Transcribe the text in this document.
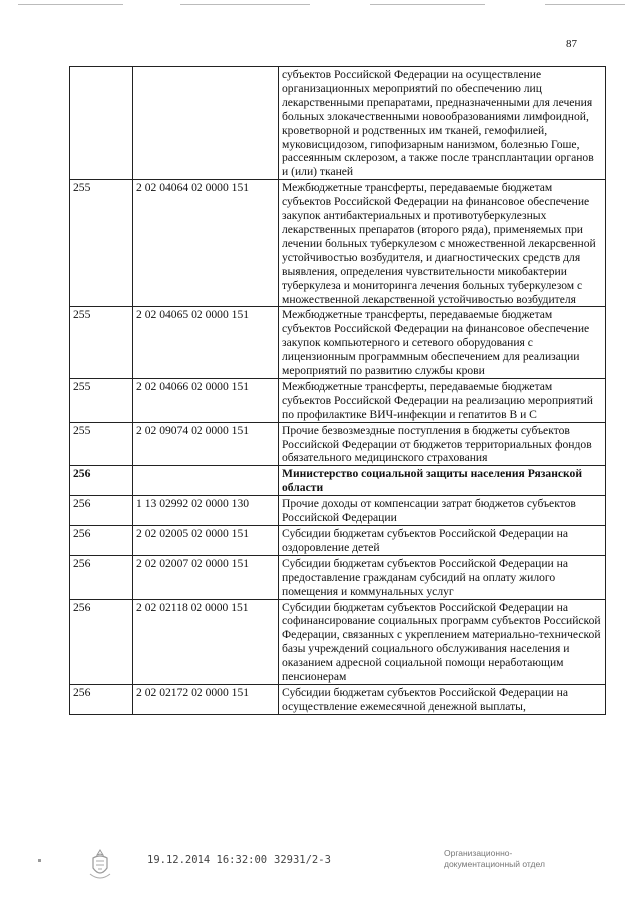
87
		субъектов Российской Федерации на осуществление организационных мероприятий по обеспечению лиц лекарственными препаратами, предназначенными для лечения больных злокачественными новообразованиями лимфоидной, кроветворной и родственных им тканей, гемофилией, муковисцидозом, гипофизарным нанизмом, болезнью Гоше, рассеянным склерозом, а также после трансплантации органов и (или) тканей
255	2 02 04064 02 0000 151	Межбюджетные трансферты, передаваемые бюджетам субъектов Российской Федерации на финансовое обеспечение закупок антибактериальных и противотуберкулезных лекарственных препаратов (второго ряда), применяемых при лечении больных туберкулезом с множественной лекарсвенной устойчивостью возбудителя, и диагностических средств для выявления, определения чувствительности микобактерии туберкулеза и мониторинга лечения больных туберкулезом с множественной лекарственной устойчивостью возбудителя
255	2 02 04065 02 0000 151	Межбюджетные трансферты, передаваемые бюджетам субъектов Российской Федерации на финансовое обеспечение закупок компьютерного и сетевого оборудования с лицензионным программным обеспечением для реализации мероприятий по развитию службы крови
255	2 02 04066 02 0000 151	Межбюджетные трансферты, передаваемые бюджетам субъектов Российской Федерации на реализацию мероприятий по профилактике ВИЧ-инфекции и гепатитов В и С
255	2 02 09074 02 0000 151	Прочие безвозмездные поступления в бюджеты субъектов Российской Федерации от бюджетов территориальных фондов обязательного медицинского страхования
256		Министерство социальной защиты населения Рязанской области
256	1 13 02992 02 0000 130	Прочие доходы от компенсации затрат бюджетов субъектов Российской Федерации
256	2 02 02005 02 0000 151	Субсидии бюджетам субъектов Российской Федерации на оздоровление детей
256	2 02 02007 02 0000 151	Субсидии бюджетам субъектов Российской Федерации на предоставление гражданам субсидий на оплату жилого помещения и коммунальных услуг
256	2 02 02118 02 0000 151	Субсидии бюджетам субъектов Российской Федерации на софинансирование социальных программ субъектов Российской Федерации, связанных с укреплением материально-технической базы учреждений социального обслуживания населения и оказанием адресной социальной помощи неработающим пенсионерам
256	2 02 02172 02 0000 151	Субсидии бюджетам субъектов Российской Федерации на осуществление ежемесячной денежной выплаты,
19.12.2014 16:32:00 32931/2-3
Организационно-
документационный отдел
